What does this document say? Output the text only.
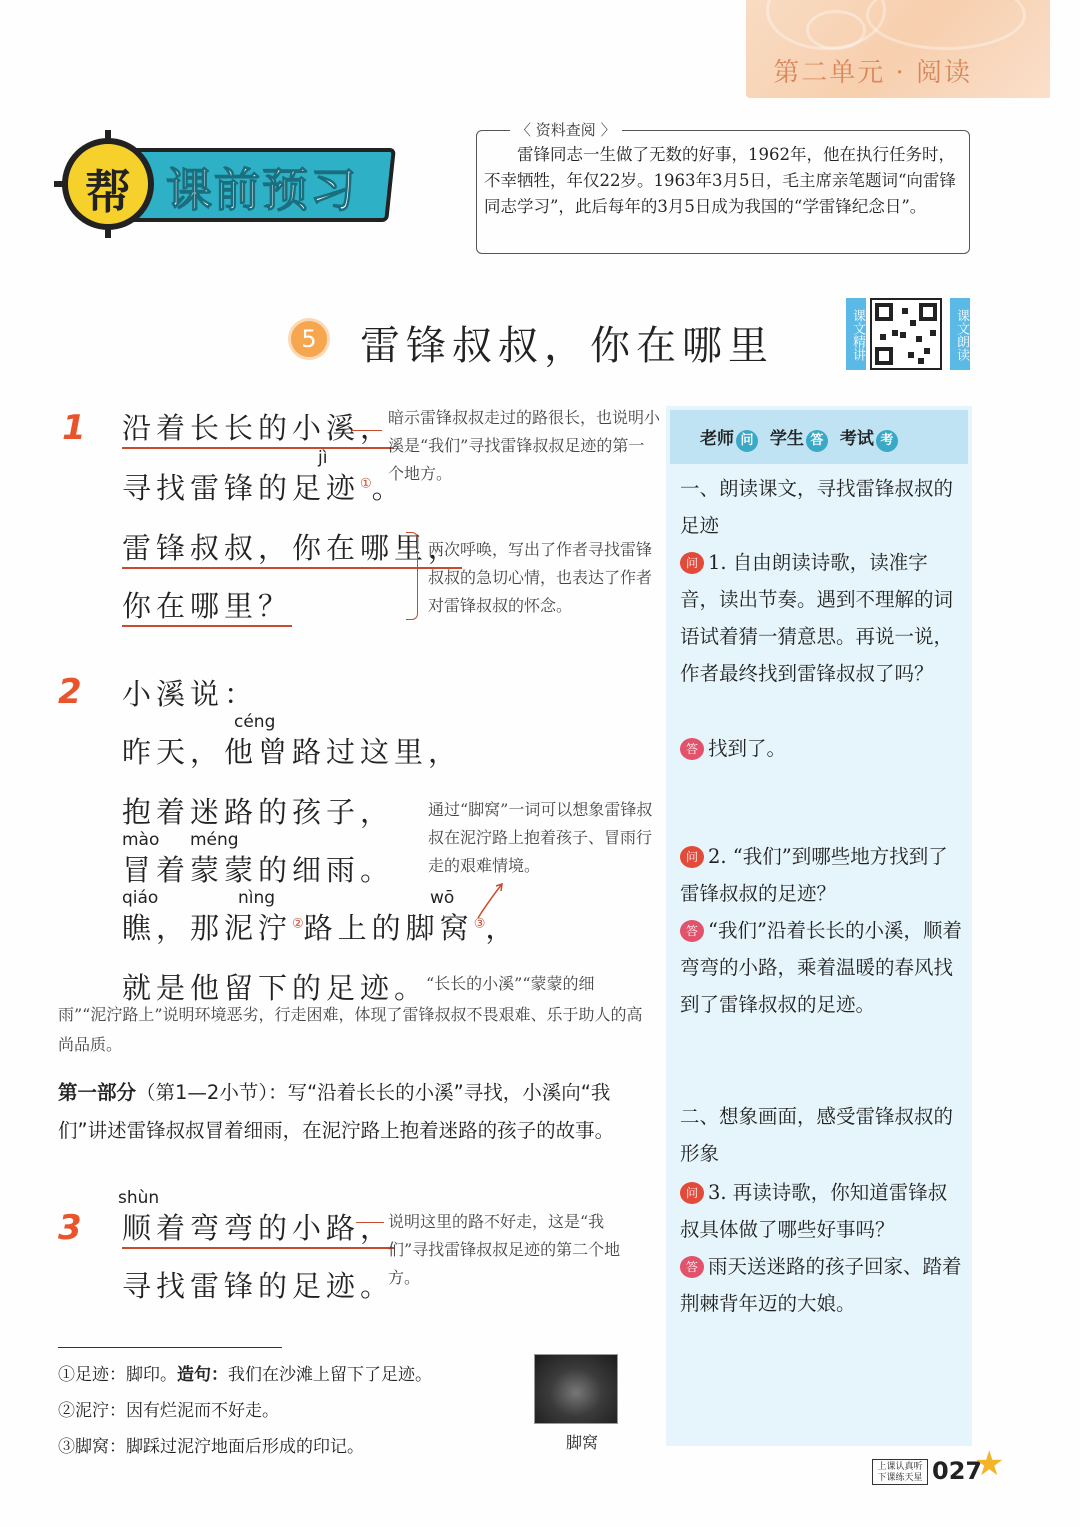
第二单元 · 阅读
帮 课前预习
〈 资料查阅 〉
雷锋同志一生做了无数的好事，1962年，他在执行任务时，不幸牺牲，年仅22岁。1963年3月5日，毛主席亲笔题词“向雷锋同志学习”，此后每年的3月5日成为我国的“学雷锋纪念日”。
5	雷锋叔叔，你在哪里	课文精讲	课文朗读
1 沿着长长的小溪，
jì
寻找雷锋的足迹①。
暗示雷锋叔叔走过的路很长，也说明小溪是“我们”寻找雷锋叔叔足迹的第一个地方。
雷锋叔叔，你在哪里，
你在哪里？
两次呼唤，写出了作者寻找雷锋叔叔的急切心情，也表达了作者对雷锋叔叔的怀念。
2 小溪说：
céng
昨天，他曾路过这里，
抱着迷路的孩子，
mào méng
冒着蒙蒙的细雨。
通过“脚窝”一词可以想象雷锋叔叔在泥泞路上抱着孩子、冒雨行走的艰难情境。
qiáo	nìng	wō
瞧，那泥泞②路上的脚窝③，
就是他留下的足迹。
“长长的小溪”“蒙蒙的细
雨”“泥泞路上”说明环境恶劣，行走困难，体现了雷锋叔叔不畏艰难、乐于助人的高尚品质。
第一部分（第1—2小节）：写“沿着长长的小溪”寻找，小溪向“我们”讲述雷锋叔叔冒着细雨，在泥泞路上抱着迷路的孩子的故事。
3
shùn
顺着弯弯的小路，
寻找雷锋的足迹。
说明这里的路不好走，这是“我们”寻找雷锋叔叔足迹的第二个地方。
①足迹：脚印。造句：我们在沙滩上留下了足迹。
②泥泞：因有烂泥而不好走。
③脚窝：脚踩过泥泞地面后形成的印记。	脚窝
老师 问 学生 答 考试 考
一、朗读课文，寻找雷锋叔叔的足迹
问 1. 自由朗读诗歌，读准字音，读出节奏。遇到不理解的词语试着猜一猜意思。再说一说，作者最终找到雷锋叔叔了吗？
答 找到了。
问 2. “我们”到哪些地方找到了雷锋叔叔的足迹？
答 “我们”沿着长长的小溪，顺着弯弯的小路，乘着温暖的春风找到了雷锋叔叔的足迹。
二、想象画面，感受雷锋叔叔的形象
问 3. 再读诗歌，你知道雷锋叔叔具体做了哪些好事吗？
答 雨天送迷路的孩子回家、踏着荆棘背年迈的大娘。
上课认真听
下课练天星 027
★
